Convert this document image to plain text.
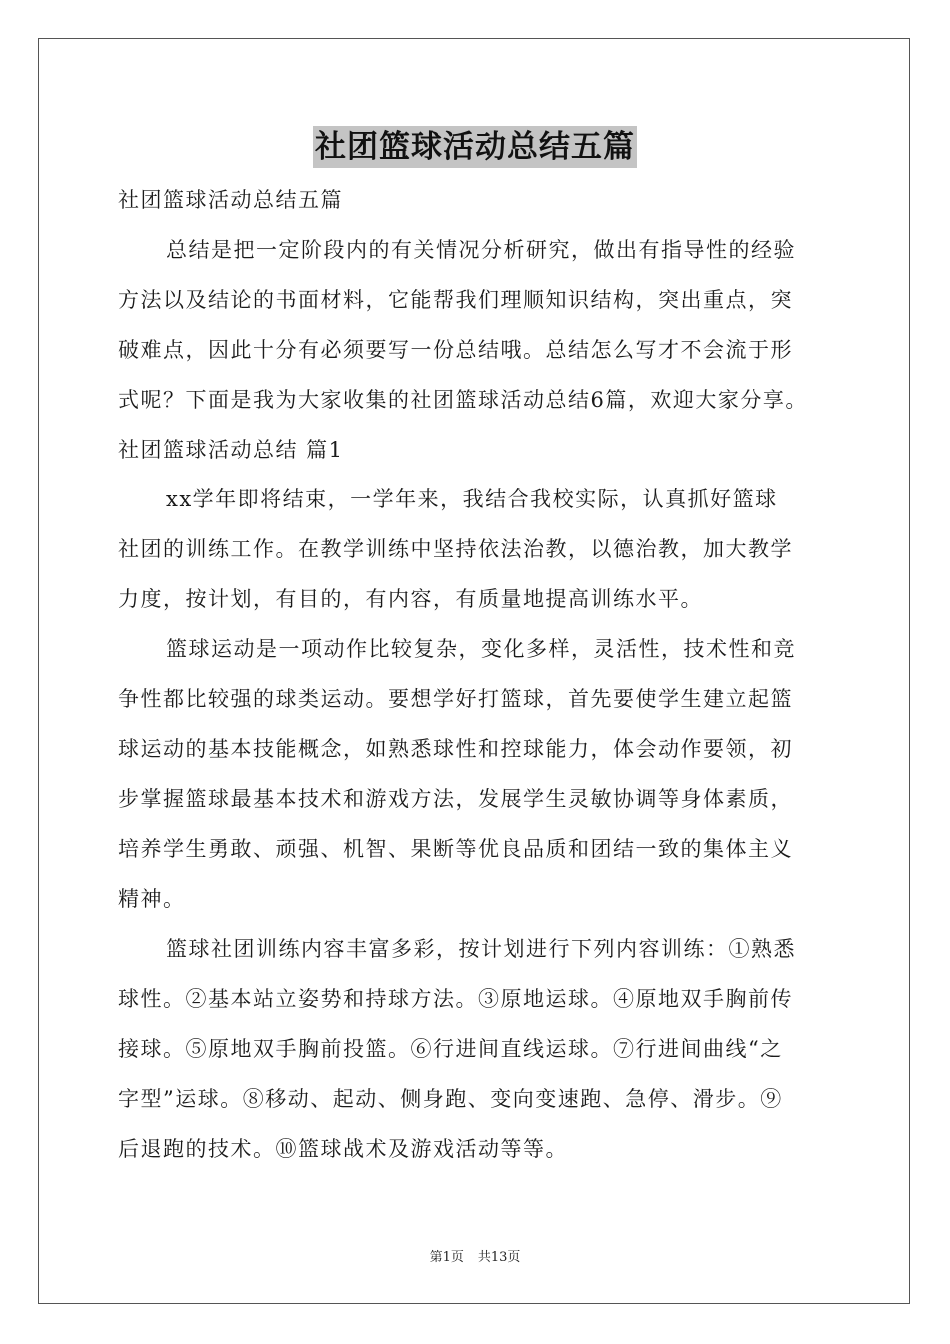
社团篮球活动总结五篇
社团篮球活动总结五篇
总结是把一定阶段内的有关情况分析研究，做出有指导性的经验
方法以及结论的书面材料，它能帮我们理顺知识结构，突出重点，突
破难点，因此十分有必须要写一份总结哦。总结怎么写才不会流于形
式呢？下面是我为大家收集的社团篮球活动总结6篇，欢迎大家分享。
社团篮球活动总结 篇1
xx学年即将结束，一学年来，我结合我校实际，认真抓好篮球
社团的训练工作。在教学训练中坚持依法治教，以德治教，加大教学
力度，按计划，有目的，有内容，有质量地提高训练水平。
篮球运动是一项动作比较复杂，变化多样，灵活性，技术性和竞
争性都比较强的球类运动。要想学好打篮球，首先要使学生建立起篮
球运动的基本技能概念，如熟悉球性和控球能力，体会动作要领，初
步掌握篮球最基本技术和游戏方法，发展学生灵敏协调等身体素质，
培养学生勇敢、顽强、机智、果断等优良品质和团结一致的集体主义
精神。
篮球社团训练内容丰富多彩，按计划进行下列内容训练：①熟悉
球性。②基本站立姿势和持球方法。③原地运球。④原地双手胸前传
接球。⑤原地双手胸前投篮。⑥行进间直线运球。⑦行进间曲线“之
字型”运球。⑧移动、起动、侧身跑、变向变速跑、急停、滑步。⑨
后退跑的技术。⑩篮球战术及游戏活动等等。
第1页 共13页
